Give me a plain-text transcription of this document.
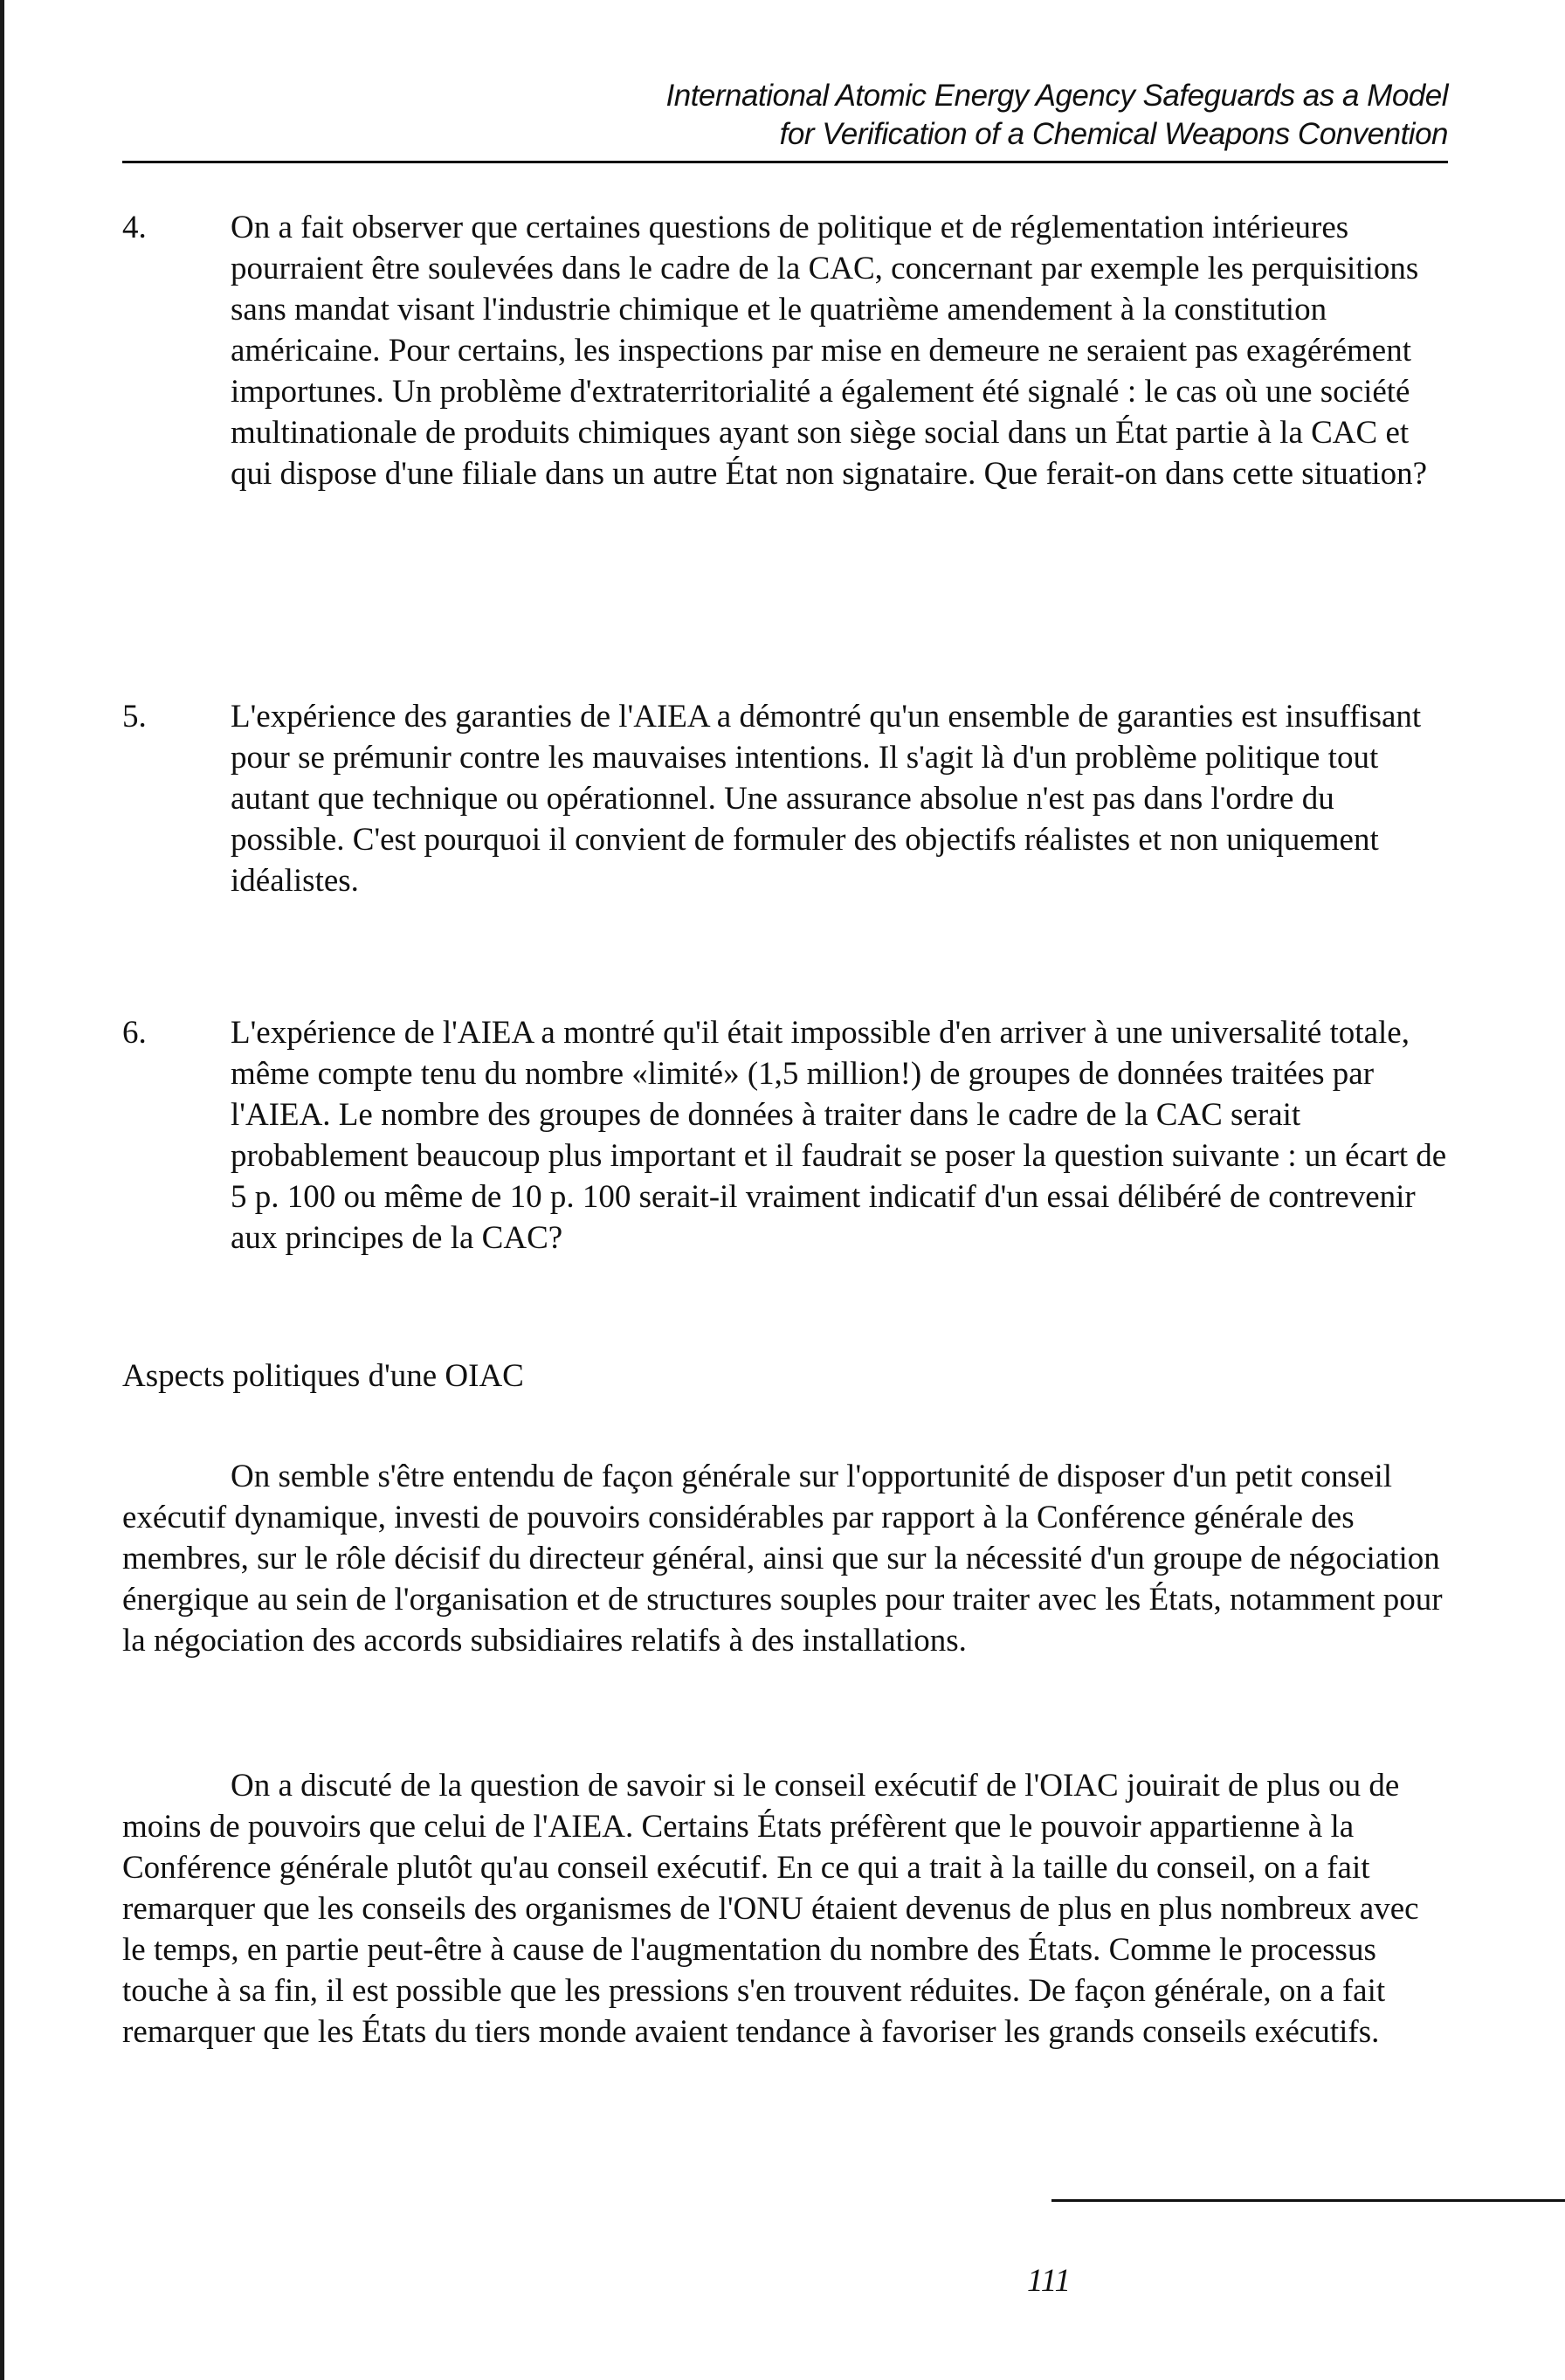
International Atomic Energy Agency Safeguards as a Model
for Verification of a Chemical Weapons Convention
4.	On a fait observer que certaines questions de politique et de réglementation intérieures pourraient être soulevées dans le cadre de la CAC, concernant par exemple les perquisitions sans mandat visant l'industrie chimique et le quatrième amendement à la constitution américaine. Pour certains, les inspections par mise en demeure ne seraient pas exagérément importunes. Un problème d'extraterritorialité a également été signalé : le cas où une société multinationale de produits chimiques ayant son siège social dans un État partie à la CAC et qui dispose d'une filiale dans un autre État non signataire. Que ferait-on dans cette situation?
5.	L'expérience des garanties de l'AIEA a démontré qu'un ensemble de garanties est insuffisant pour se prémunir contre les mauvaises intentions. Il s'agit là d'un problème politique tout autant que technique ou opérationnel. Une assurance absolue n'est pas dans l'ordre du possible. C'est pourquoi il convient de formuler des objectifs réalistes et non uniquement idéalistes.
6.	L'expérience de l'AIEA a montré qu'il était impossible d'en arriver à une universalité totale, même compte tenu du nombre «limité» (1,5 million!) de groupes de données traitées par l'AIEA. Le nombre des groupes de données à traiter dans le cadre de la CAC serait probablement beaucoup plus important et il faudrait se poser la question suivante : un écart de 5 p. 100 ou même de 10 p. 100 serait-il vraiment indicatif d'un essai délibéré de contrevenir aux principes de la CAC?
Aspects politiques d'une OIAC
On semble s'être entendu de façon générale sur l'opportunité de disposer d'un petit conseil exécutif dynamique, investi de pouvoirs considérables par rapport à la Conférence générale des membres, sur le rôle décisif du directeur général, ainsi que sur la nécessité d'un groupe de négociation énergique au sein de l'organisation et de structures souples pour traiter avec les États, notamment pour la négociation des accords subsidiaires relatifs à des installations.
On a discuté de la question de savoir si le conseil exécutif de l'OIAC jouirait de plus ou de moins de pouvoirs que celui de l'AIEA. Certains États préfèrent que le pouvoir appartienne à la Conférence générale plutôt qu'au conseil exécutif. En ce qui a trait à la taille du conseil, on a fait remarquer que les conseils des organismes de l'ONU étaient devenus de plus en plus nombreux avec le temps, en partie peut-être à cause de l'augmentation du nombre des États. Comme le processus touche à sa fin, il est possible que les pressions s'en trouvent réduites. De façon générale, on a fait remarquer que les États du tiers monde avaient tendance à favoriser les grands conseils exécutifs.
111
